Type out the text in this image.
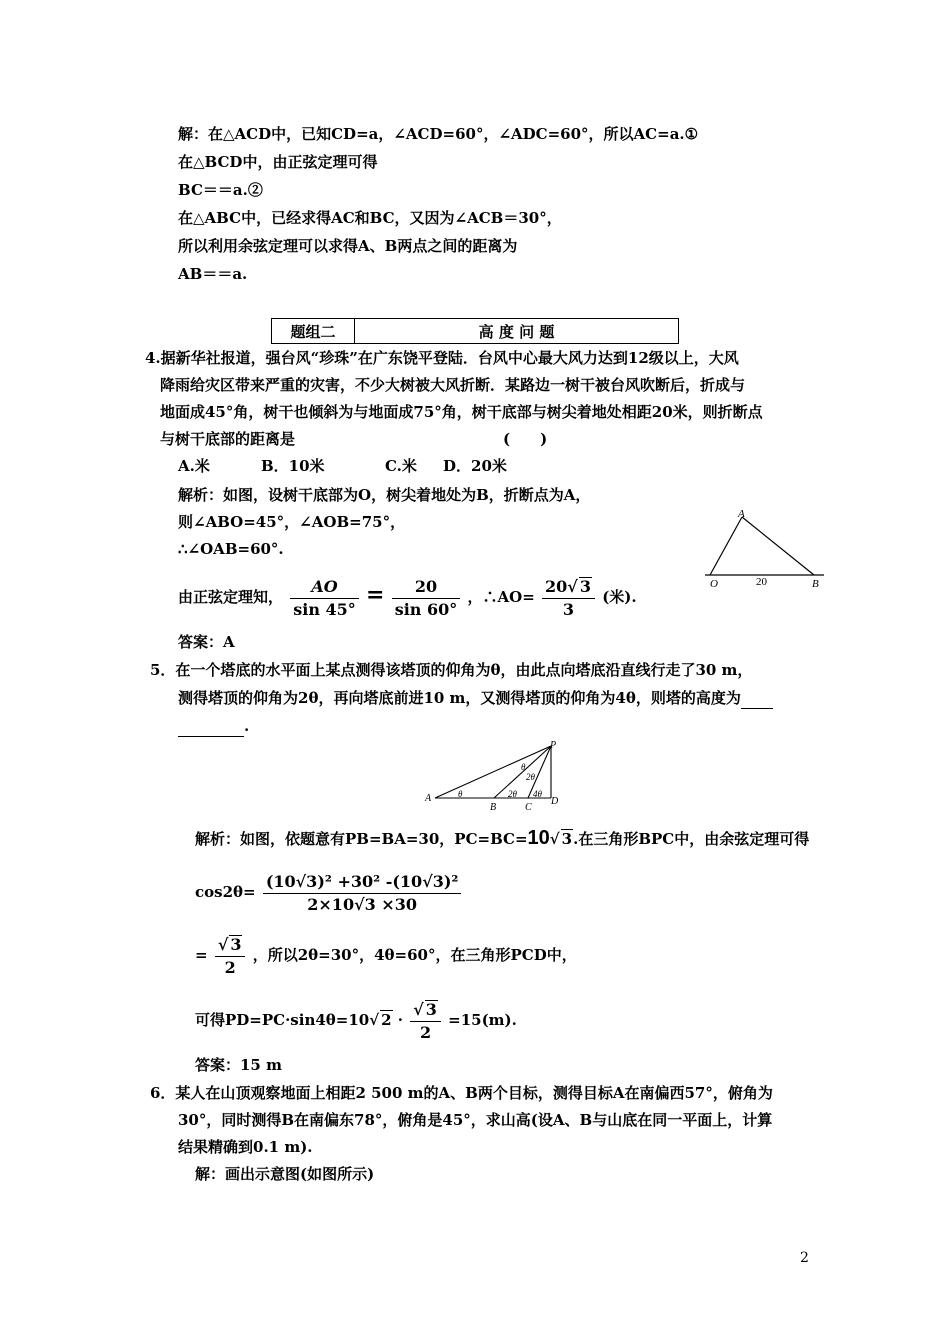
解：在△ACD中，已知CD=a，∠ACD=60°，∠ADC=60°，所以AC=a.①
在△BCD中，由正弦定理可得
BC＝＝a.②
在△ABC中，已经求得AC和BC，又因为∠ACB＝30°，
所以利用余弦定理可以求得A、B两点之间的距离为
AB＝＝a.
题组二	高 度 问 题
4.据新华社报道，强台风“珍珠”在广东饶平登陆．台风中心最大风力达到12级以上，大风
降雨给灾区带来严重的灾害，不少大树被大风折断．某路边一树干被台风吹断后，折成与
地面成45°角，树干也倾斜为与地面成75°角，树干底部与树尖着地处相距20米，则折断点
与树干底部的距离是	(　　)
A.米	B．10米	C.米 D．20米
解析：如图，设树干底部为O，树尖着地处为B，折断点为A，
则∠ABO=45°，∠AOB=75°，
∴∠OAB=60°.
由正弦定理知， $\frac{AO}{\sin 45^\circ} = \frac{20}{\sin 60^\circ}$ ，∴AO= $\frac{20√ 3}{3}$ (米).
答案：A
A
O	B
20
5．在一个塔底的水平面上某点测得该塔顶的仰角为θ，由此点向塔底沿直线行走了30 m，
测得塔顶的仰角为2θ，再向塔底前进10 m，又测得塔顶的仰角为4θ，则塔的高度为
.
P
A
B	C
D
θ
θ
2θ
2θ
4θ
解析：如图，依题意有PB=BA=30，PC=BC=10√ 3.在三角形BPC中，由余弦定理可得
$\cos 2\theta= \frac{\text{(10√3)² +30² -(10√3)²}}{2\times 10√3 \times 30}$
= $\frac{√ 3}{2}$ ，所以2θ=30°，4θ=60°，在三角形PCD中，
可得PD=PC·sin4θ=10√ $2 \cdot \frac{√ 3}{2} =15(m)$.
答案：15 m
6．某人在山顶观察地面上相距2 500 m的A、B两个目标，测得目标A在南偏西57°，俯角为
30°，同时测得B在南偏东78°，俯角是45°，求山高(设A、B与山底在同一平面上，计算
结果精确到0.1 m).
解：画出示意图(如图所示)
2
